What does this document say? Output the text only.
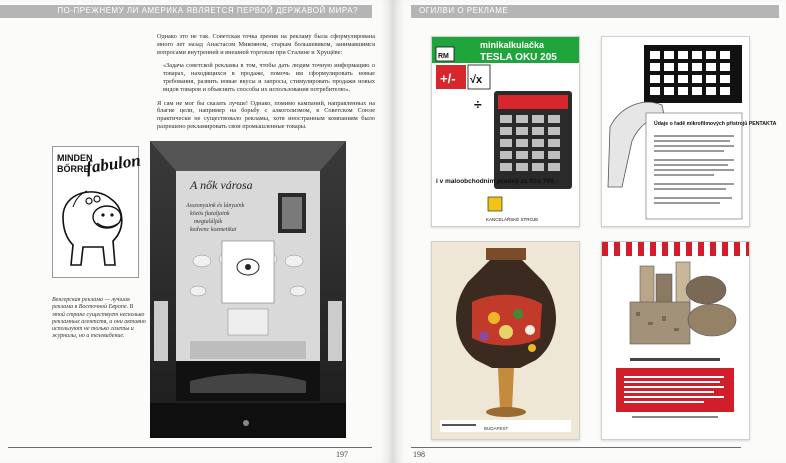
ПО-ПРЕЖНЕМУ ЛИ АМЕРИКА ЯВЛЯЕТСЯ ПЕРВОЙ ДЕРЖАВОЙ МИРА?

Однако это не так. Советская точка зрения на рекламу была сформулирована много лет назад Анастасом Микояном, старым большевиком, занимавшимся вопросами внутренней и внешней торговли при Сталине и Хрущёве:

«Задача советской рекламы в том, чтобы дать людям точную информацию о товарах, находящихся в продаже, помочь им сформулировать новые требования, развить новые вкусы и запросы, стимулировать продажи новых видов товаров и объяснить способы их использования потребителю».

Я сам не мог бы сказать лучше! Однако, помимо кампаний, направленных на благие цели, например на борьбу с алкоголизмом, в Советском Союзе практически не существовало рекламы, хотя иностранным компаниям было разрешено рекламировать свои промышленные товары.

MINDEN
BŐRRE
fabulon
Венгерская реклама — лучшая реклама в Восточной Европе. В этой стране существует несколько рекламных агентств, и они активно используют не только газеты и журналы, но и телевидение.
A nők városa
Asszonyaink és lányaink
közös fiataljaink
megtalálják
kedvenc kozmetikai
197
ОГИЛВИ О РЕКЛАМЕ
minikalkulačka
TESLA OKU 205
RM
+/- √x
÷
i v maloobchodnim prodeji za Kčs 700,-
KANCELÁŘSKÉ STROJE
Údaje o řadě mikrofilmových přístrojů PENTAKTA
BUDAPEST
198
